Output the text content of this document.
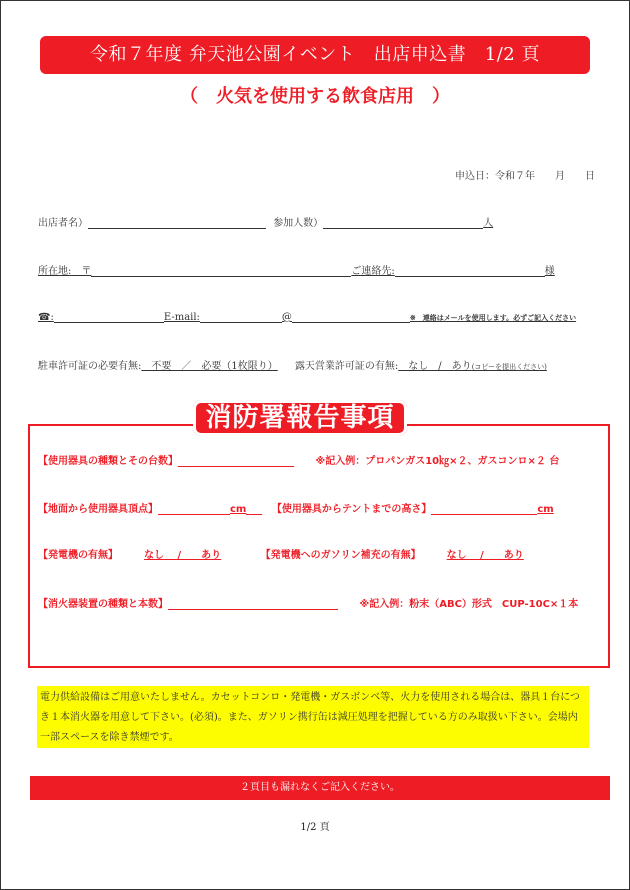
令和７年度 弁天池公園イベント　出店申込書　1/2 頁
（　火気を使用する飲食店用　）
申込日：令和７年　　月　　日
出店者名）	参加人数）	人
所在地:　〒	ご連絡先:	様
☎:	E-mail:	@	※　連絡はメールを使用します。必ずご記入ください
駐車許可証の必要有無:　不要　／　必要（1枚限り） 露天営業許可証の有無:　なし　/　あり(コピーを提出ください)
消防署報告事項
【使用器具の種類とその台数】	※記入例：プロパンガス10㎏×２、ガスコンロ×２ 台
【地面から使用器具頂点】	cm	【使用器具からテントまでの高さ】	cm
【発電機の有無】	なし　 /　　あり	【発電機へのガソリン補充の有無】	なし　 /　　あり
【消火器装置の種類と本数】	※記入例：粉末（ABC）形式　CUP-10C×１本
電力供給設備はご用意いたしません。カセットコンロ・発電機・ガスボンベ等、火力を使用される場合は、器具１台につ
き１本消火器を用意して下さい。(必須)。また、ガソリン携行缶は減圧処理を把握している方のみ取扱い下さい。会場内
一部スペースを除き禁煙です。
２頁目も漏れなくご記入ください。
1/2 頁
